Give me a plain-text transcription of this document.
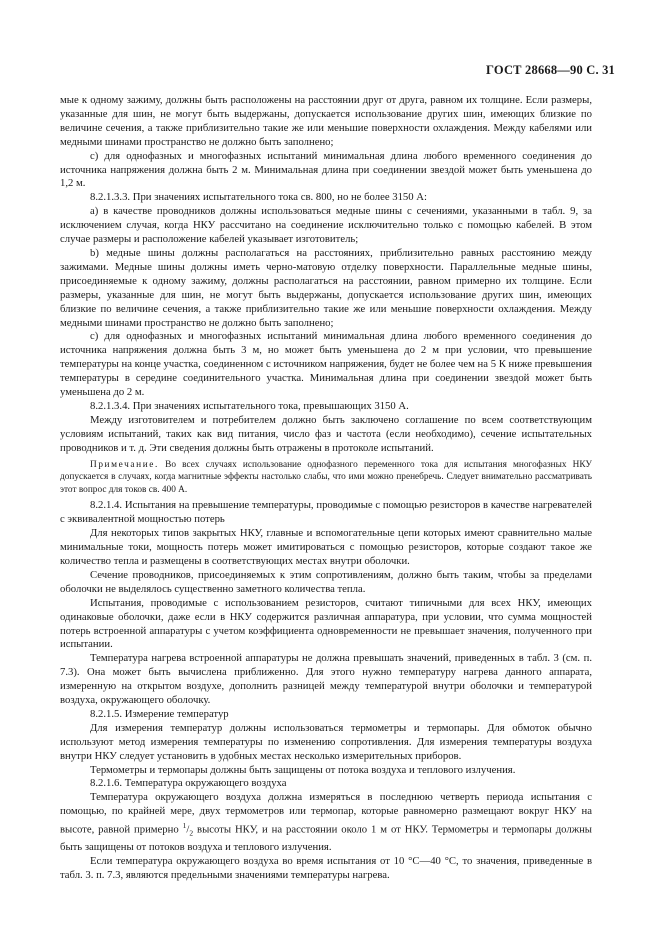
ГОСТ 28668—90 С. 31

мые к одному зажиму, должны быть расположены на расстоянии друг от друга, равном их толщине. Если размеры, указанные для шин, не могут быть выдержаны, допускается использование других шин, имеющих близкие по величине сечения, а также приблизительно такие же или меньшие поверхности охлаждения. Между кабелями или медными шинами пространство не должно быть заполнено;

с) для однофазных и многофазных испытаний минимальная длина любого временного соединения до источника напряжения должна быть 2 м. Минимальная длина при соединении звездой может быть уменьшена до 1,2 м.

8.2.1.3.3. При значениях испытательного тока св. 800, но не более 3150 А:

а) в качестве проводников должны использоваться медные шины с сечениями, указанными в табл. 9, за исключением случая, когда НКУ рассчитано на соединение исключительно только с помощью кабелей. В этом случае размеры и расположение кабелей указывает изготовитель;

b) медные шины должны располагаться на расстояниях, приблизительно равных расстоянию между зажимами. Медные шины должны иметь черно-матовую отделку поверхности. Параллельные медные шины, присоединяемые к одному зажиму, должны располагаться на расстоянии, равном примерно их толщине. Если размеры, указанные для шин, не могут быть выдержаны, допускается использование других шин, имеющих близкие по величине сечения, а также приблизительно такие же или меньшие поверхности охлаждения. Между медными шинами пространство не должно быть заполнено;

с) для однофазных и многофазных испытаний минимальная длина любого временного соединения до источника напряжения должна быть 3 м, но может быть уменьшена до 2 м при условии, что превышение температуры на конце участка, соединенном с источником напряжения, будет не более чем на 5 К ниже превышения температуры в середине соединительного участка. Минимальная длина при соединении звездой может быть уменьшена до 2 м.

8.2.1.3.4. При значениях испытательного тока, превышающих 3150 А.

Между изготовителем и потребителем должно быть заключено соглашение по всем соответствующим условиям испытаний, таких как вид питания, число фаз и частота (если необходимо), сечение испытательных проводников и т. д. Эти сведения должны быть отражены в протоколе испытаний.

Примечание. Во всех случаях использование однофазного переменного тока для испытания многофазных НКУ допускается в случаях, когда магнитные эффекты настолько слабы, что ими можно пренебречь. Следует внимательно рассматривать этот вопрос для токов св. 400 А.

8.2.1.4. Испытания на превышение температуры, проводимые с помощью резисторов в качестве нагревателей с эквивалентной мощностью потерь

Для некоторых типов закрытых НКУ, главные и вспомогательные цепи которых имеют сравнительно малые минимальные токи, мощность потерь может имитироваться с помощью резисторов, которые создают такое же количество тепла и размещены в соответствующих местах внутри оболочки.

Сечение проводников, присоединяемых к этим сопротивлениям, должно быть таким, чтобы за пределами оболочки не выделялось существенно заметного количества тепла.

Испытания, проводимые с использованием резисторов, считают типичными для всех НКУ, имеющих одинаковые оболочки, даже если в НКУ содержится различная аппаратура, при условии, что сумма мощностей потерь встроенной аппаратуры с учетом коэффициента одновременности не превышает значения, полученного при испытании.

Температура нагрева встроенной аппаратуры не должна превышать значений, приведенных в табл. 3 (см. п. 7.3). Она может быть вычислена приближенно. Для этого нужно температуру нагрева данного аппарата, измеренную на открытом воздухе, дополнить разницей между температурой внутри оболочки и температурой воздуха, окружающего оболочку.

8.2.1.5. Измерение температур

Для измерения температур должны использоваться термометры и термопары. Для обмоток обычно используют метод измерения температуры по изменению сопротивления. Для измерения температуры воздуха внутри НКУ следует установить в удобных местах несколько измерительных приборов.

Термометры и термопары должны быть защищены от потока воздуха и теплового излучения.

8.2.1.6. Температура окружающего воздуха

Температура окружающего воздуха должна измеряться в последнюю четверть периода испытания с помощью, по крайней мере, двух термометров или термопар, которые равномерно размещают вокруг НКУ на высоте, равной примерно $^1/_2$ высоты НКУ, и на расстоянии около 1 м от НКУ. Термометры и термопары должны быть защищены от потоков воздуха и теплового излучения.

Если температура окружающего воздуха во время испытания от 10 °С—40 °С, то значения, приведенные в табл. 3. п. 7.3, являются предельными значениями температуры нагрева.
